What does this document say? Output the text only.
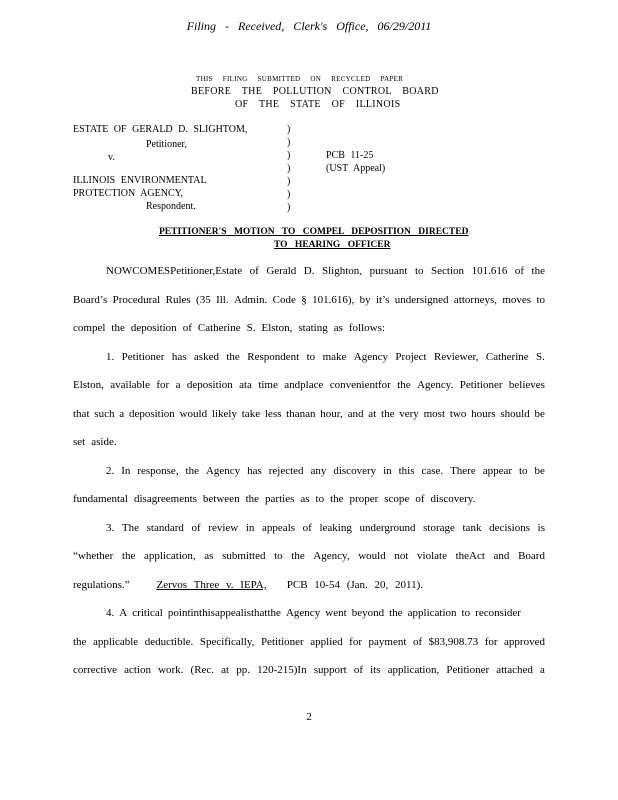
Filing - Received, Clerk's Office, 06/29/2011
THIS FILING SUBMITTED ON RECYCLED PAPER
BEFORE THE POLLUTION CONTROL BOARD
OF THE STATE OF ILLINOIS
ESTATE OF GERALD D. SLIGHTOM,
Petitioner,
v.
ILLINOIS ENVIRONMENTAL
PROTECTION AGENCY,
Respondent.
)
)
)
)
)
)
)
PCB 11-25
(UST Appeal)
PETITIONER'S MOTION TO COMPEL DEPOSITION DIRECTED
TO HEARING OFFICER
NOWCOMESPetitioner,Estate of Gerald D. Slighton, pursuant to Section 101.616 of the
Board’s Procedural Rules (35 Ill. Admin. Code § 101.616), by it’s undersigned attorneys, moves to
compel the deposition of Catherine S. Elston, stating as follows:
1. Petitioner has asked the Respondent to make Agency Project Reviewer, Catherine S.
Elston, available for a deposition ata time andplace convenientfor the Agency. Petitioner believes
that such a deposition would likely take less thanan hour, and at the very most two hours should be
set aside.
2. In response, the Agency has rejected any discovery in this case. There appear to be
fundamental disagreements between the parties as to the proper scope of discovery.
3. The standard of review in appeals of leaking underground storage tank decisions is
“whether the application, as submitted to the Agency, would not violate theAct and Board
regulations.” Zervos Three v. IEPA, PCB 10-54 (Jan. 20, 2011).
4. A critical pointinthisappealisthatthe Agency went beyond the application to reconsider
the applicable deductible. Specifically, Petitioner applied for payment of $83,908.73 for approved
corrective action work. (Rec. at pp. 120-215)In support of its application, Petitioner attached a
2
